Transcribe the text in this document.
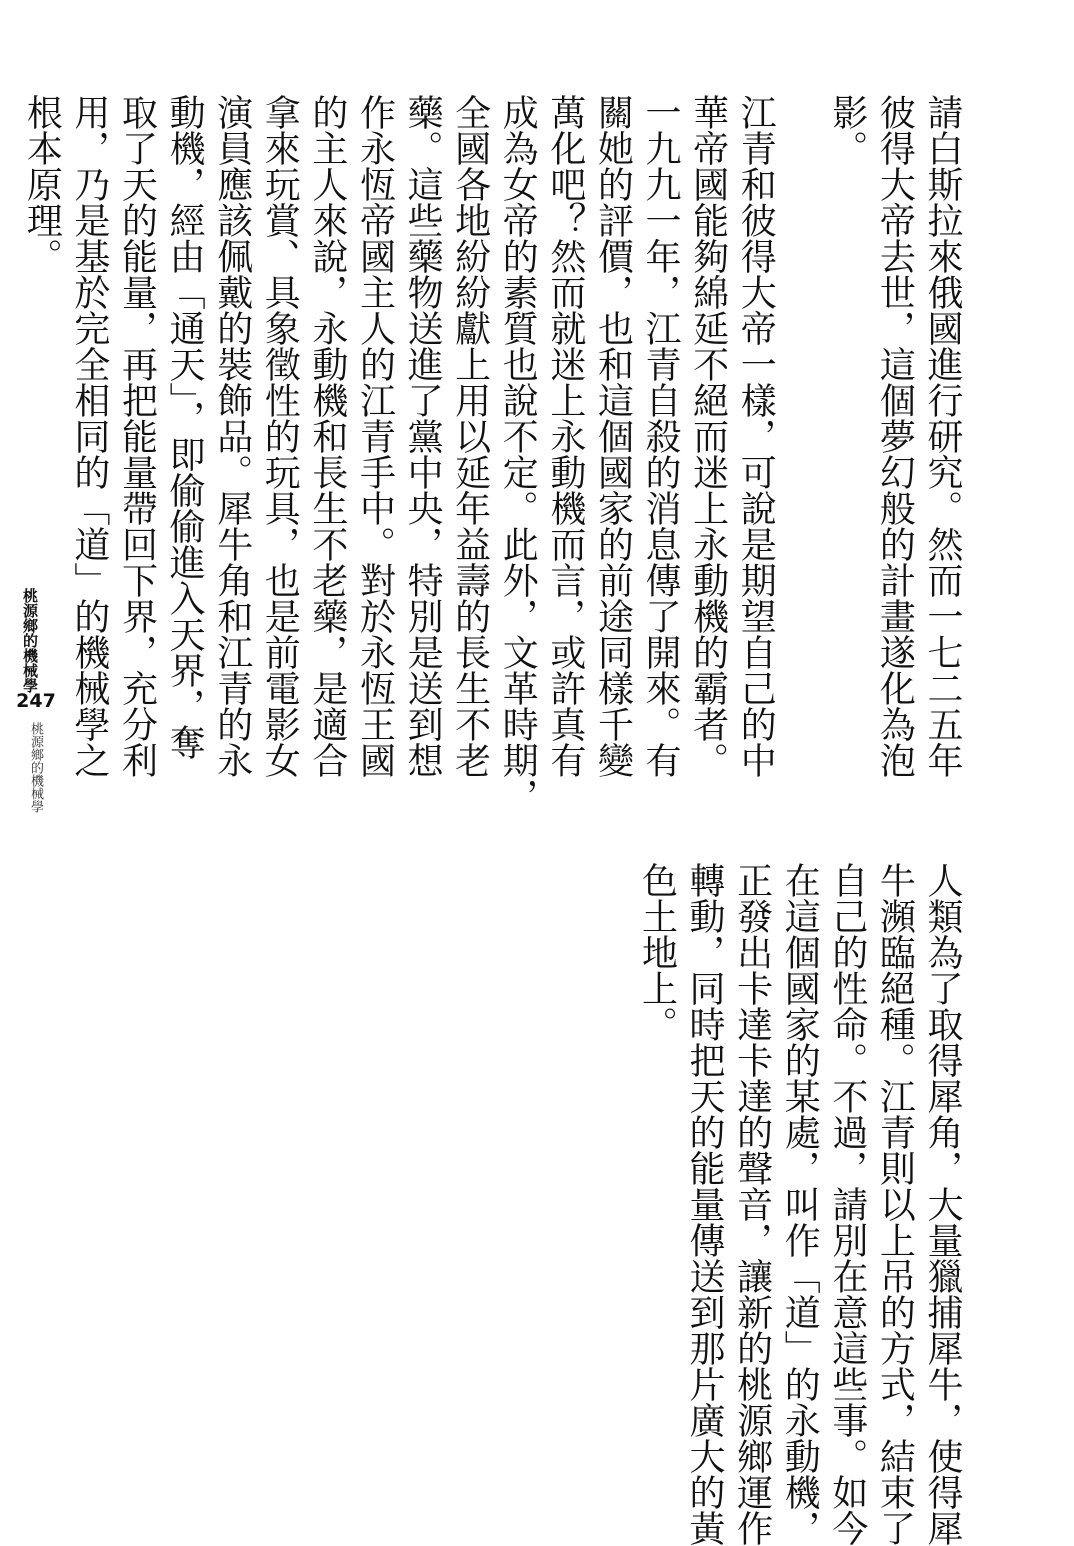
請白斯拉來俄國進行研究。然而一七二五年
彼得大帝去世，這個夢幻般的計畫遂化為泡
影。
江青和彼得大帝一樣，可說是期望自己的中
華帝國能夠綿延不絕而迷上永動機的霸者。
一九九一年，江青自殺的消息傳了開來。有
關她的評價，也和這個國家的前途同樣千變
萬化吧？然而就迷上永動機而言，或許真有
成為女帝的素質也說不定。此外，文革時期，
全國各地紛紛獻上用以延年益壽的長生不老
藥。這些藥物送進了黨中央，特別是送到想
作永恆帝國主人的江青手中。對於永恆王國
的主人來說，永動機和長生不老藥，是適合
拿來玩賞、具象徵性的玩具，也是前電影女
演員應該佩戴的裝飾品。犀牛角和江青的永
動機，經由「通天」，即偷偷進入天界，奪
取了天的能量，再把能量帶回下界，充分利
用，乃是基於完全相同的「道」的機械學之
根本原理。
人類為了取得犀角，大量獵捕犀牛，使得犀
牛瀕臨絕種。江青則以上吊的方式，結束了
自己的性命。不過，請別在意這些事。如今
在這個國家的某處，叫作「道」的永動機，
正發出卡達卡達的聲音，讓新的桃源鄉運作
轉動，同時把天的能量傳送到那片廣大的黃
色土地上。
桃源鄉的機械學
247
桃源鄉的機械學
